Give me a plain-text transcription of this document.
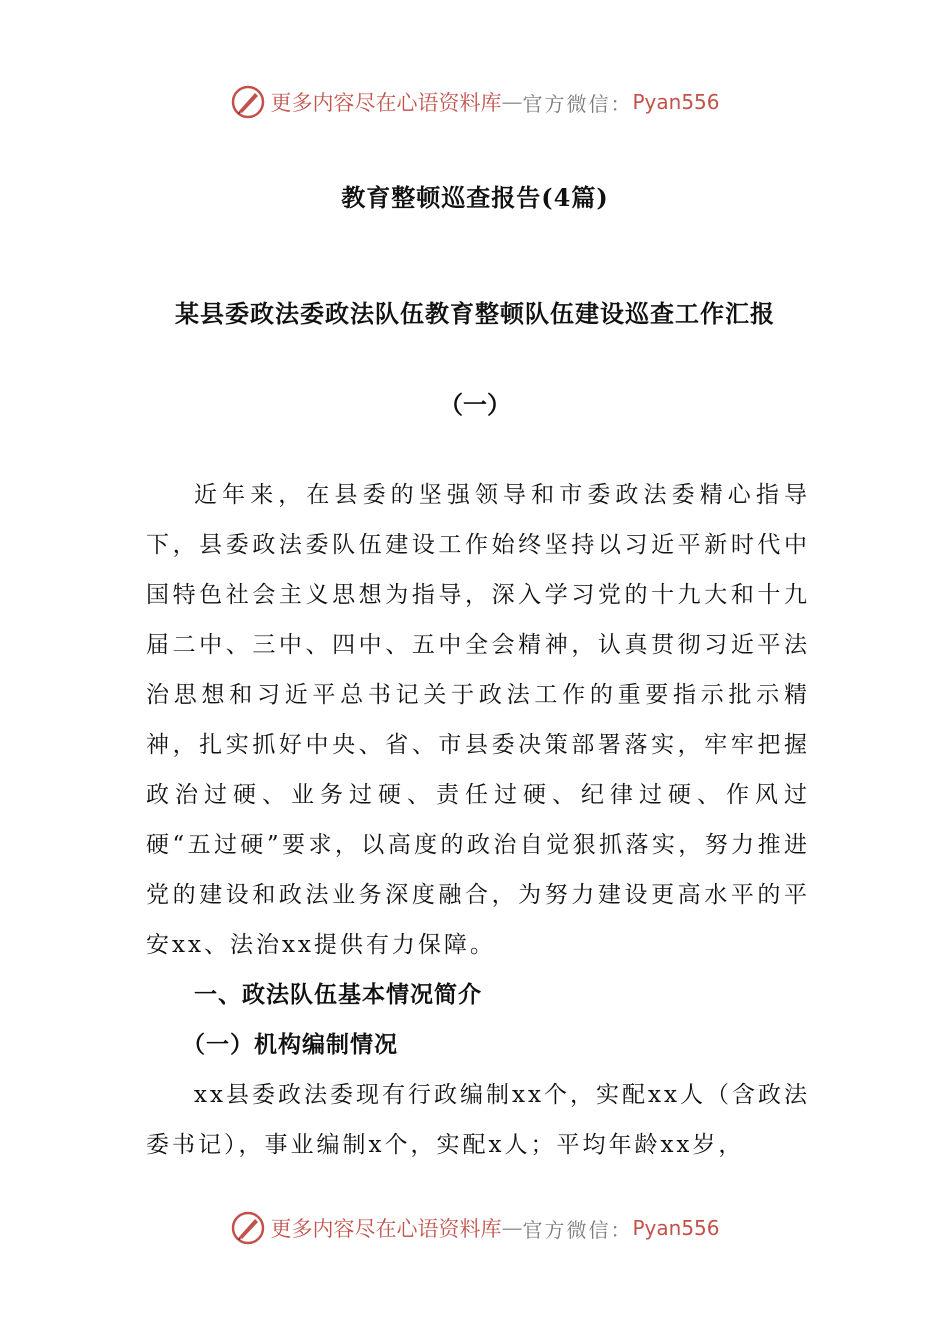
更多内容尽在心语资料库 — 官方微信： Pyan556
教育整顿巡查报告(4篇)
某县委政法委政法队伍教育整顿队伍建设巡查工作汇报
（一）

近年来，在县委的坚强领导和市委政法委精心指导下，县委政法委队伍建设工作始终坚持以习近平新时代中国特色社会主义思想为指导，深入学习党的十九大和十九届二中、三中、四中、五中全会精神，认真贯彻习近平法治思想和习近平总书记关于政法工作的重要指示批示精神，扎实抓好中央、省、市县委决策部署落实，牢牢把握政治过硬、业务过硬、责任过硬、纪律过硬、作风过硬“五过硬”要求，以高度的政治自觉狠抓落实，努力推进党的建设和政法业务深度融合，为努力建设更高水平的平安xx、法治xx提供有力保障。

一、政法队伍基本情况简介

（一）机构编制情况

xx县委政法委现有行政编制xx个，实配xx人（含政法委书记），事业编制x个，实配x人；平均年龄xx岁，

更多内容尽在心语资料库 — 官方微信： Pyan556
